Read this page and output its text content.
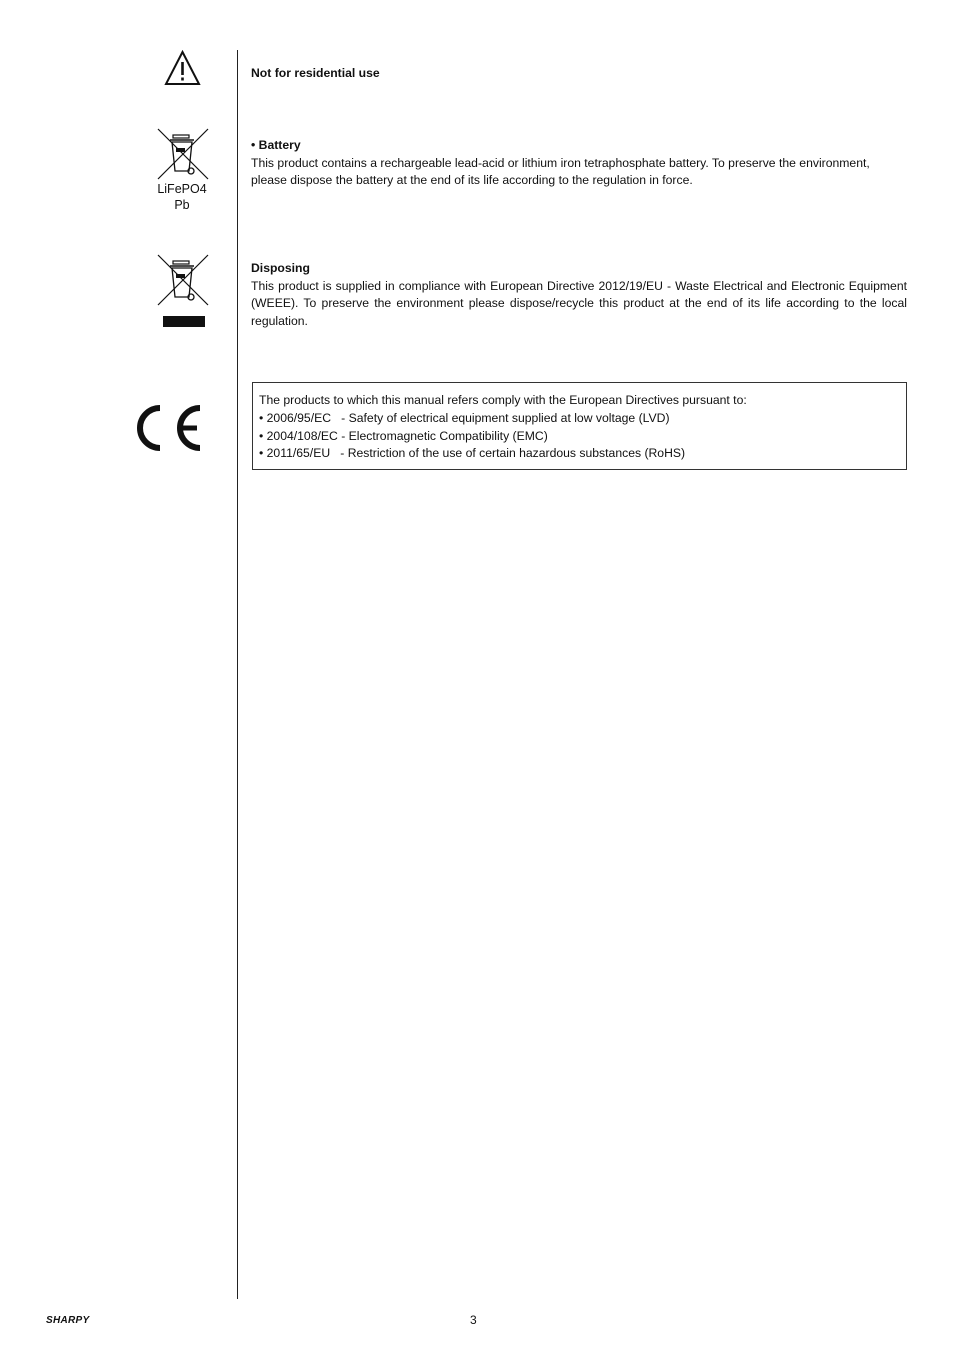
Not for residential use
LiFePO4
Pb
• Battery
This product contains a rechargeable lead-acid or lithium iron tetraphosphate battery. To preserve the environment, please dispose the battery at the end of its life according to the regulation in force.
Disposing
This product is supplied in compliance with European Directive 2012/19/EU - Waste Electrical and Electronic Equipment (WEEE). To preserve the environment please dispose/recycle this product at the end of its life according to the local regulation.
The products to which this manual refers comply with the European Directives pursuant to:
• 2006/95/EC   - Safety of electrical equipment supplied at low voltage (LVD)
• 2004/108/EC - Electromagnetic Compatibility (EMC)
• 2011/65/EU   - Restriction of the use of certain hazardous substances (RoHS)
SHARPY	3
